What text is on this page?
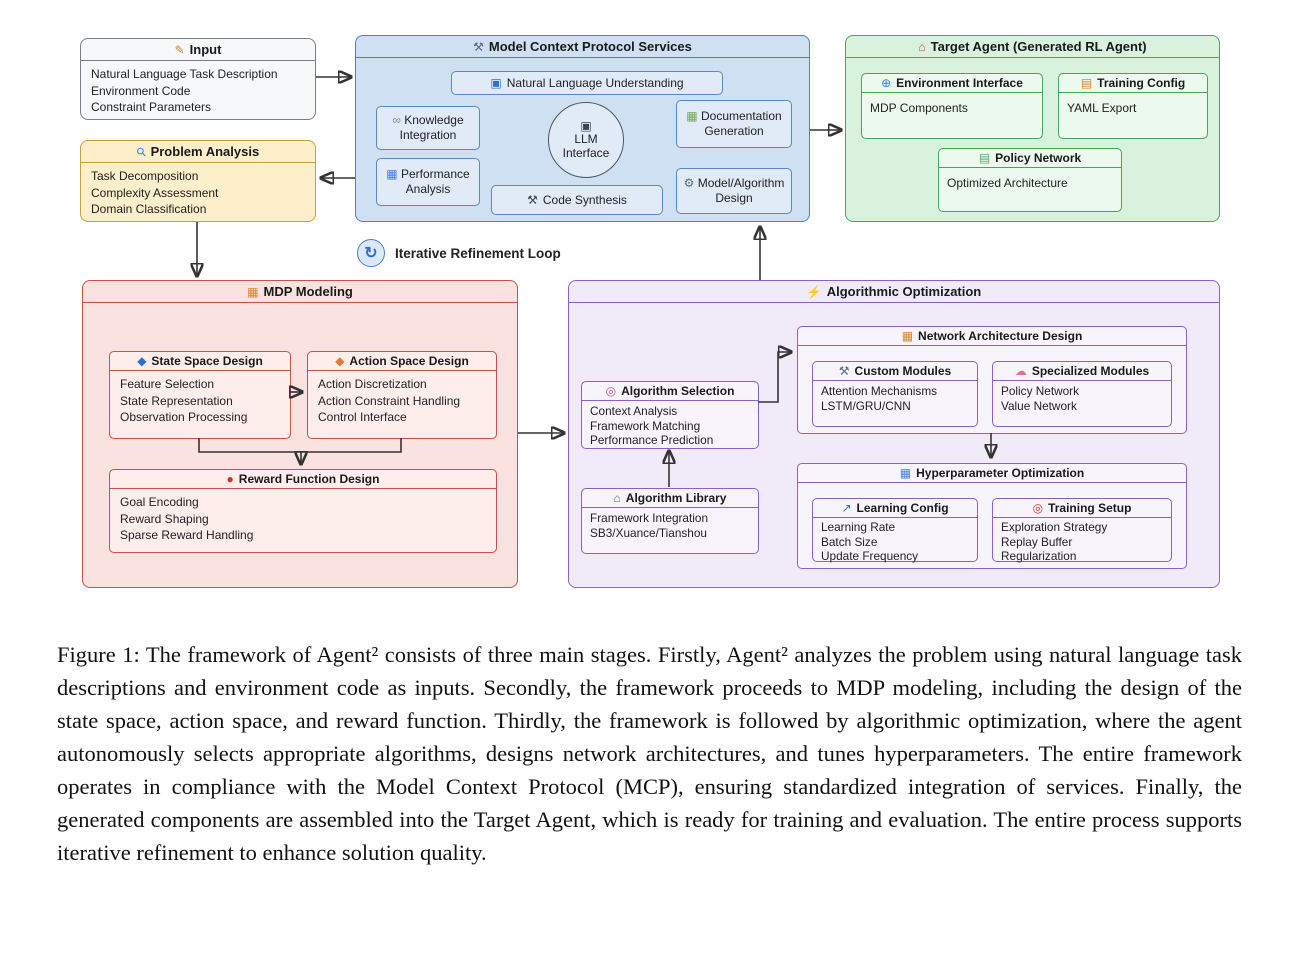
✎ Input
Natural Language Task Description
Environment Code
Constraint Parameters
⚲ Problem Analysis
Task Decomposition
Complexity Assessment
Domain Classification
⚒ Model Context Protocol Services
▣ Natural Language Understanding
∞ Knowledge Integration
▣
LLM Interface
▦ Documentation Generation
▦ Performance Analysis
⚒ Code Synthesis
⚙ Model/Algorithm Design
⌂ Target Agent (Generated RL Agent)
⊕ Environment Interface
MDP Components
▤ Training Config
YAML Export
▤ Policy Network
Optimized Architecture
↻	Iterative Refinement Loop
▦ MDP Modeling
◆ State Space Design
Feature Selection
State Representation
Observation Processing
◆ Action Space Design
Action Discretization
Action Constraint Handling
Control Interface
● Reward Function Design
Goal Encoding
Reward Shaping
Sparse Reward Handling
⚡ Algorithmic Optimization
◎ Algorithm Selection
Context Analysis
Framework Matching
Performance Prediction
⌂ Algorithm Library
Framework Integration
SB3/Xuance/Tianshou
▦ Network Architecture Design
⚒ Custom Modules
Attention Mechanisms
LSTM/GRU/CNN
☁ Specialized Modules
Policy Network
Value Network
▦ Hyperparameter Optimization
↗ Learning Config
Learning Rate
Batch Size
Update Frequency
◎ Training Setup
Exploration Strategy
Replay Buffer
Regularization
Figure 1: The framework of Agent² consists of three main stages. Firstly, Agent² analyzes the problem using natural language task descriptions and environment code as inputs. Secondly, the framework proceeds to MDP modeling, including the design of the state space, action space, and reward function. Thirdly, the framework is followed by algorithmic optimization, where the agent autonomously selects appropriate algorithms, designs network architectures, and tunes hyperparameters. The entire framework operates in compliance with the Model Context Protocol (MCP), ensuring standardized integration of services. Finally, the generated components are assembled into the Target Agent, which is ready for training and evaluation. The entire process supports iterative refinement to enhance solution quality.
